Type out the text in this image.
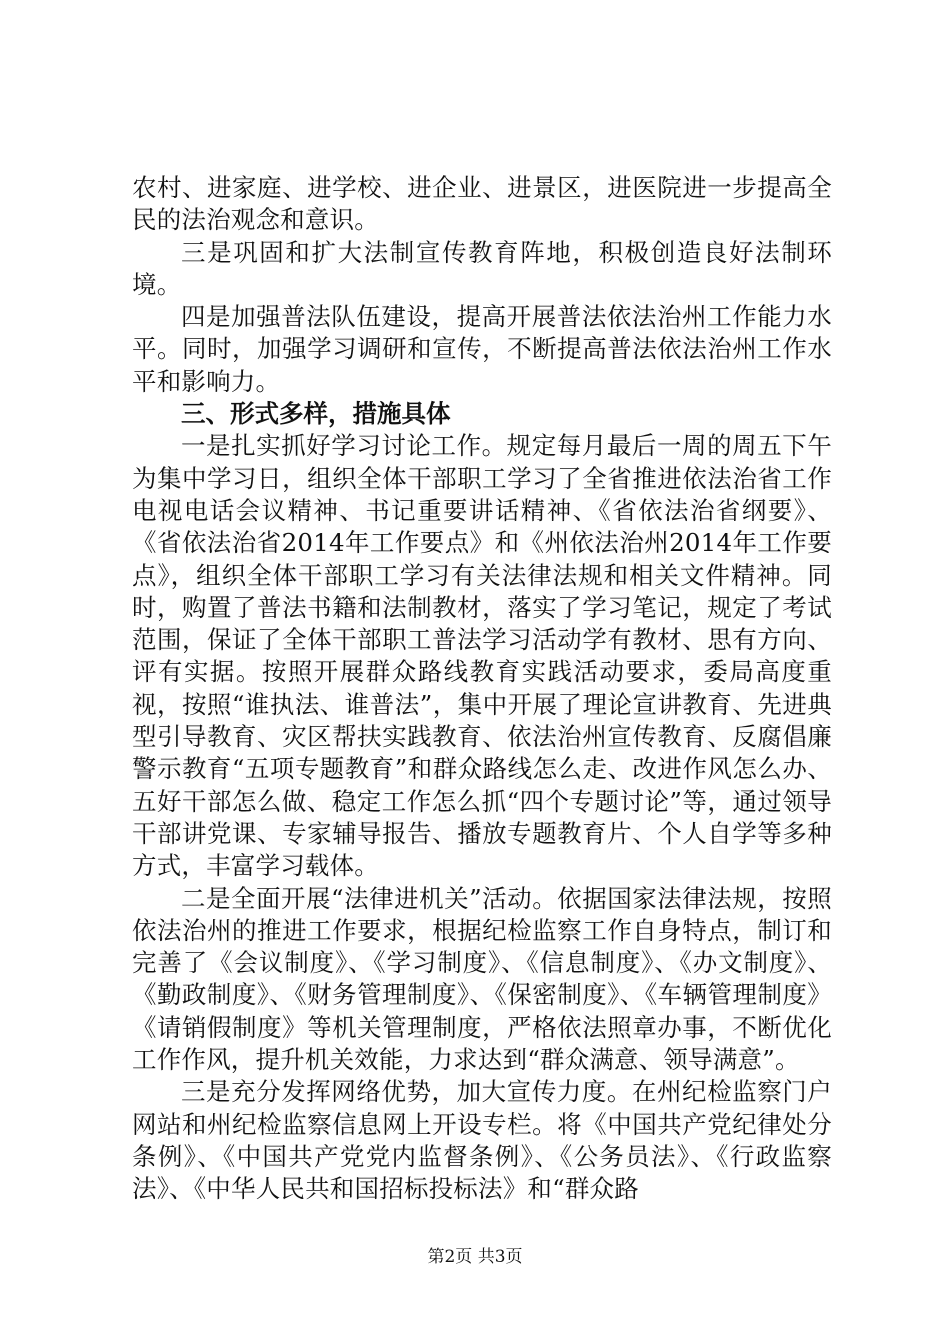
农村、进家庭、进学校、进企业、进景区，进医院进一步提高全民的法治观念和意识。

三是巩固和扩大法制宣传教育阵地，积极创造良好法制环境。

四是加强普法队伍建设，提高开展普法依法治州工作能力水平。同时，加强学习调研和宣传，不断提高普法依法治州工作水平和影响力。

三、形式多样，措施具体

一是扎实抓好学习讨论工作。规定每月最后一周的周五下午为集中学习日，组织全体干部职工学习了全省推进依法治省工作电视电话会议精神、书记重要讲话精神、《省依法治省纲要》、《省依法治省2014年工作要点》和《州依法治州2014年工作要点》，组织全体干部职工学习有关法律法规和相关文件精神。同时，购置了普法书籍和法制教材，落实了学习笔记，规定了考试范围，保证了全体干部职工普法学习活动学有教材、思有方向、评有实据。按照开展群众路线教育实践活动要求，委局高度重视，按照“谁执法、谁普法”，集中开展了理论宣讲教育、先进典型引导教育、灾区帮扶实践教育、依法治州宣传教育、反腐倡廉警示教育“五项专题教育”和群众路线怎么走、改进作风怎么办、五好干部怎么做、稳定工作怎么抓“四个专题讨论”等，通过领导干部讲党课、专家辅导报告、播放专题教育片、个人自学等多种方式，丰富学习载体。

二是全面开展“法律进机关”活动。依据国家法律法规，按照依法治州的推进工作要求，根据纪检监察工作自身特点，制订和完善了《会议制度》、《学习制度》、《信息制度》、《办文制度》、《勤政制度》、《财务管理制度》、《保密制度》、《车辆管理制度》《请销假制度》等机关管理制度，严格依法照章办事，不断优化工作作风，提升机关效能，力求达到“群众满意、领导满意”。

三是充分发挥网络优势，加大宣传力度。在州纪检监察门户网站和州纪检监察信息网上开设专栏。将《中国共产党纪律处分条例》、《中国共产党党内监督条例》、《公务员法》、《行政监察法》、《中华人民共和国招标投标法》和“群众路

第2页 共3页
